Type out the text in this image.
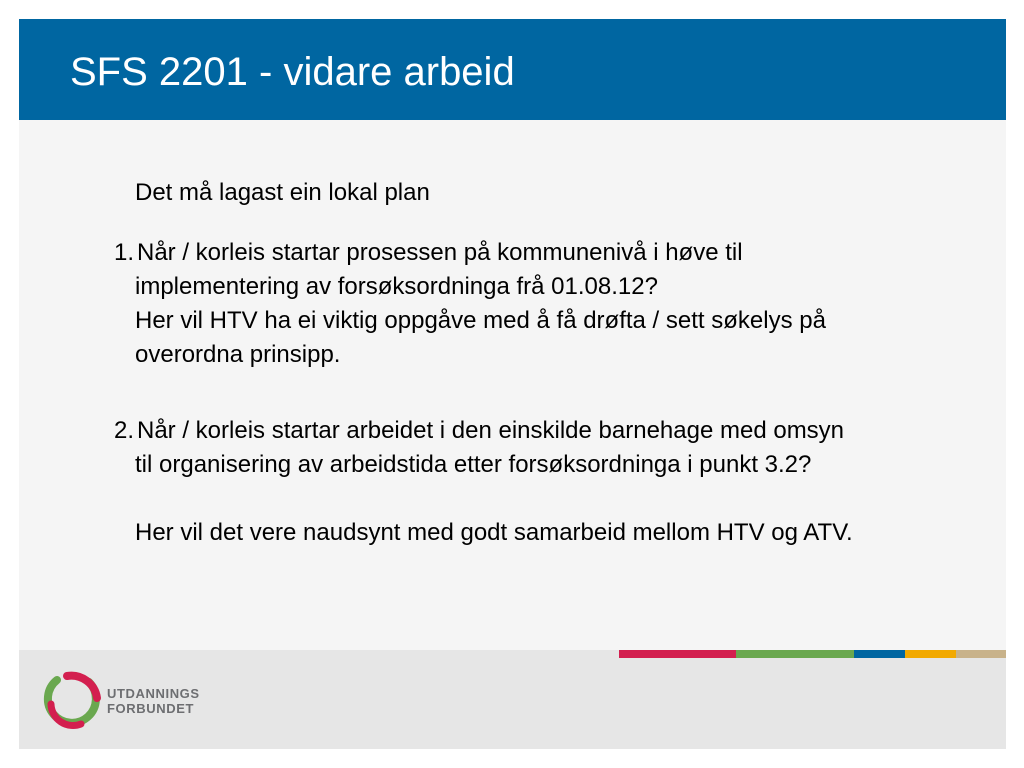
SFS 2201 - vidare arbeid
Det må lagast ein lokal plan
1. Når / korleis startar prosessen på kommunenivå i høve til
implementering av forsøksordninga frå 01.08.12?
Her vil HTV ha ei viktig oppgåve med å få drøfta / sett søkelys på
overordna prinsipp.
2. Når / korleis startar arbeidet i den einskilde barnehage med omsyn
til organisering av arbeidstida etter forsøksordninga i punkt 3.2?
Her vil det vere naudsynt med godt samarbeid mellom HTV og ATV.
UTDANNINGS
FORBUNDET
